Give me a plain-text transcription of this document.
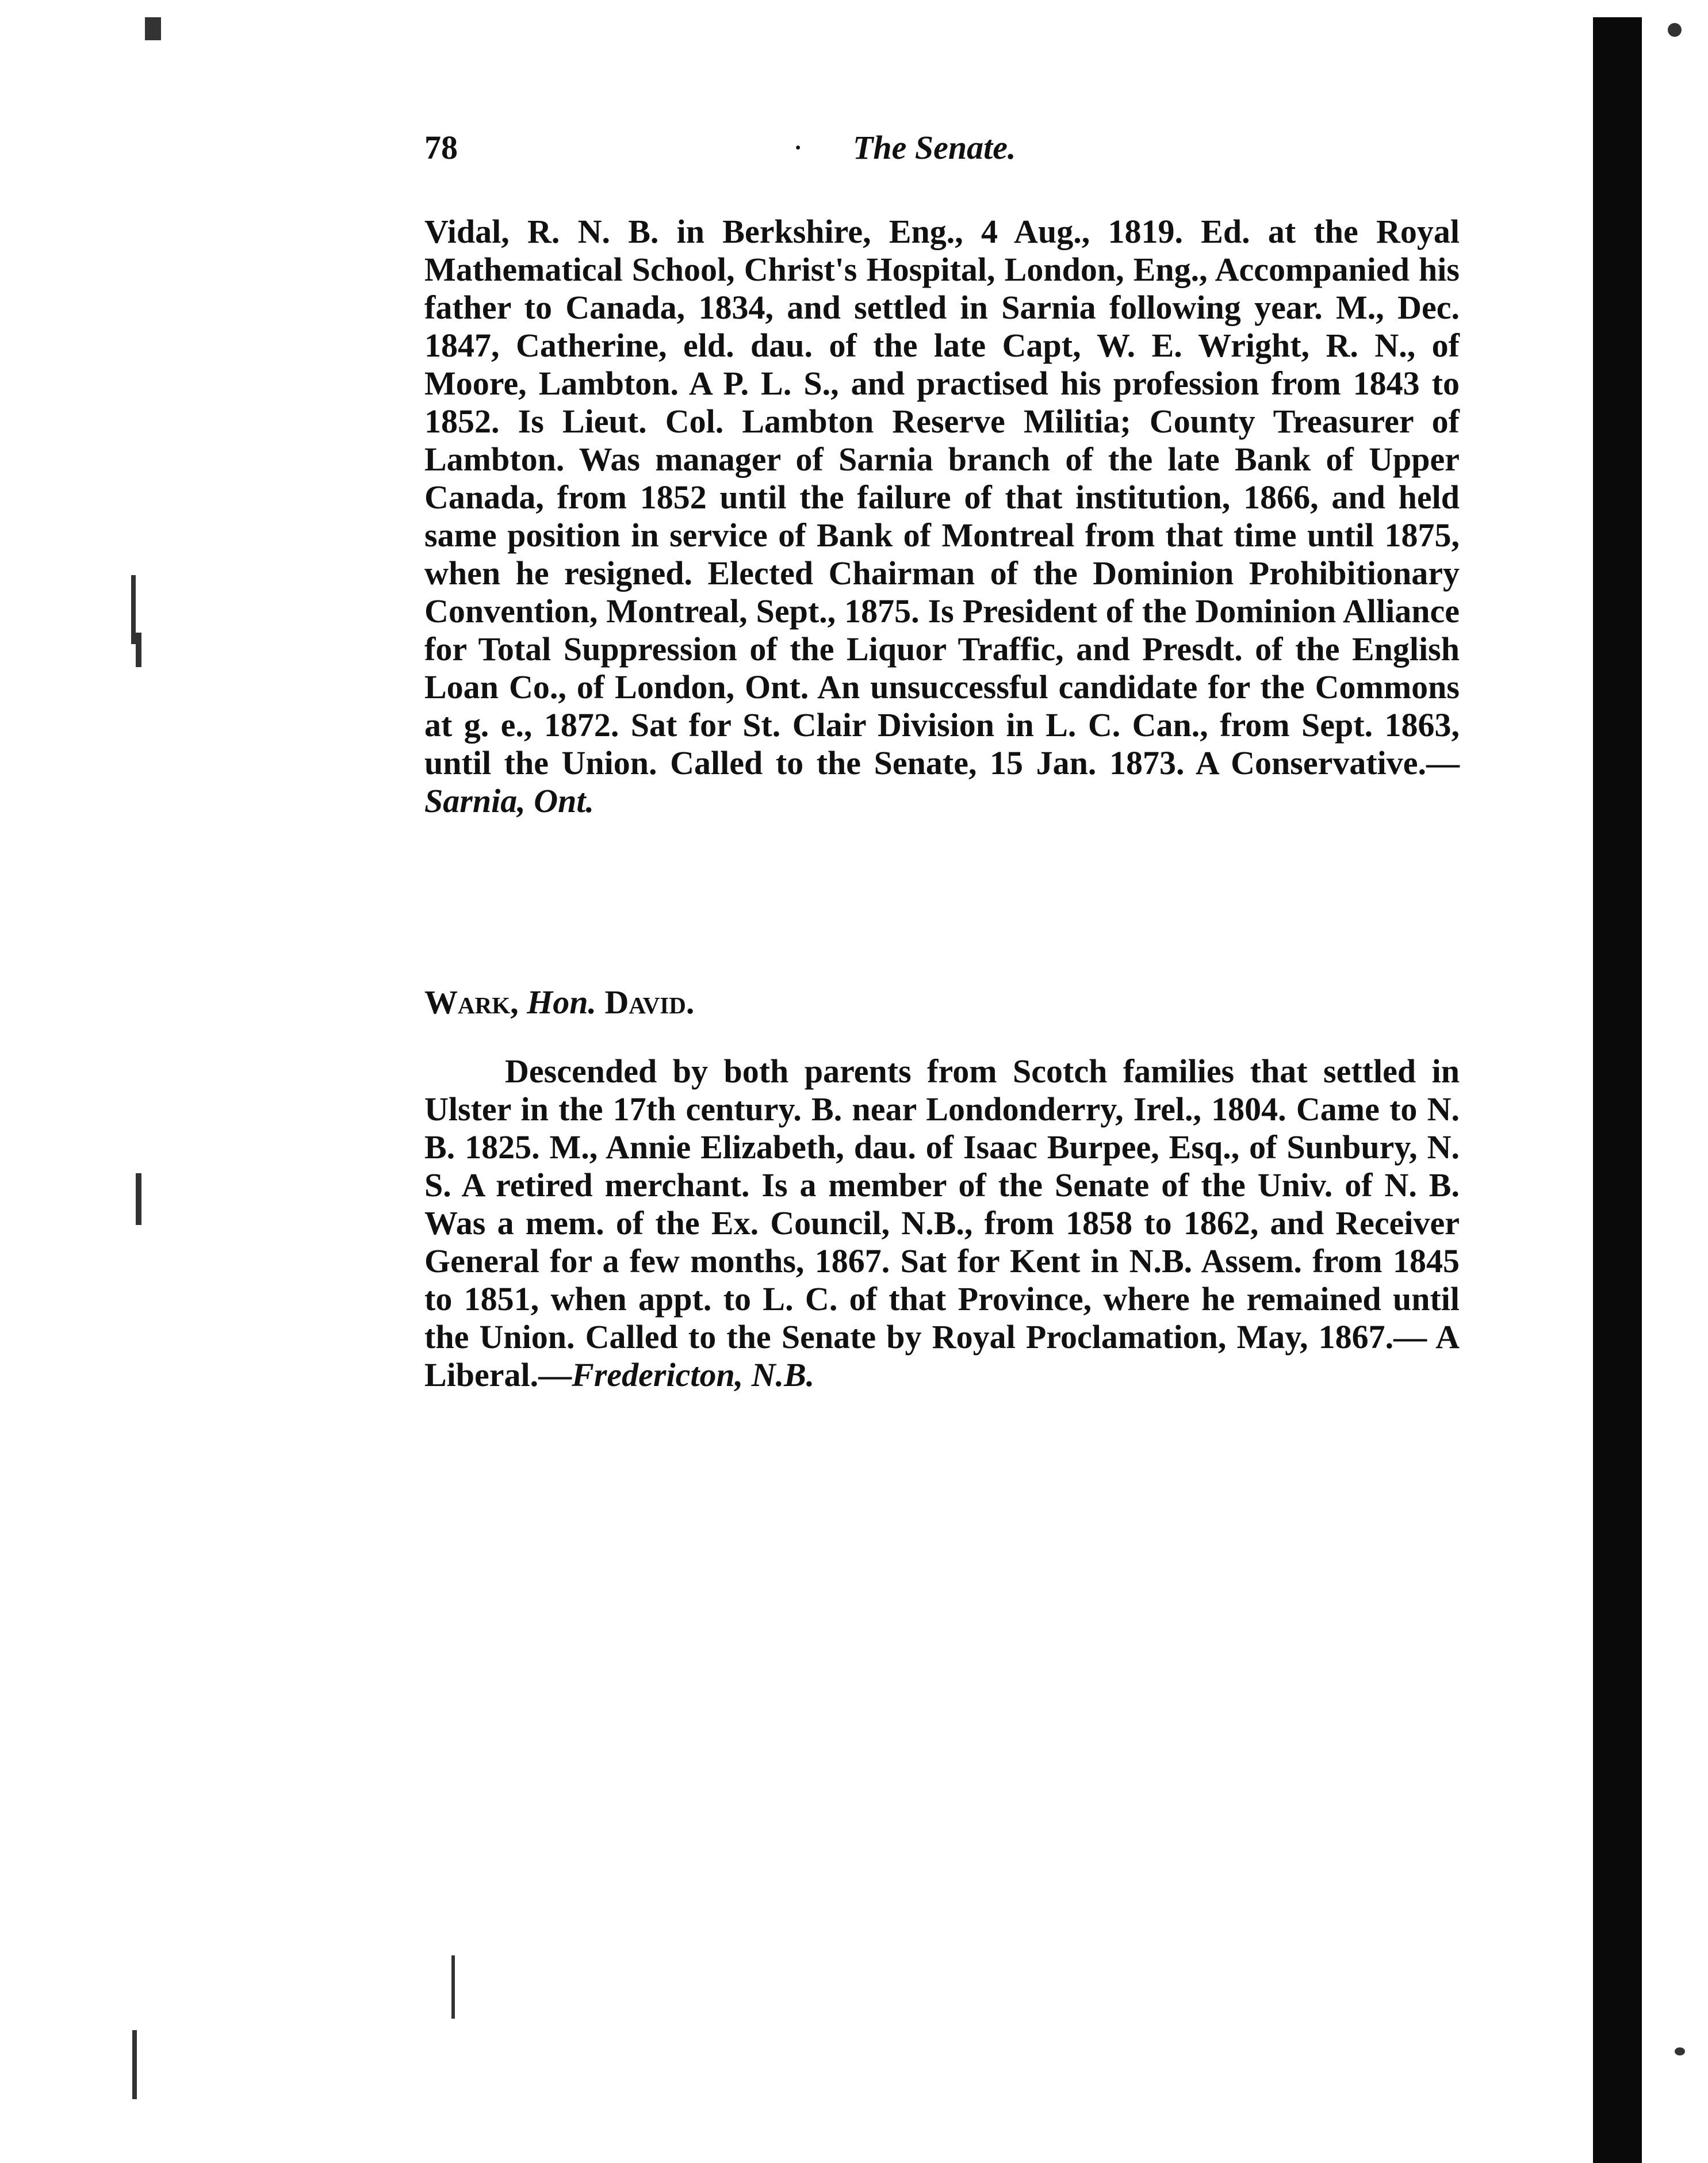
78	· The Senate.

Vidal, R. N. B. in Berkshire, Eng., 4 Aug., 1819. Ed. at the Royal Mathematical School, Christ's Hospital, London, Eng., Accompanied his father to Canada, 1834, and settled in Sarnia following year. M., Dec. 1847, Catherine, eld. dau. of the late Capt, W. E. Wright, R. N., of Moore, Lambton. A P. L. S., and practised his profession from 1843 to 1852. Is Lieut. Col. Lambton Reserve Militia; County Treasurer of Lambton. Was manager of Sarnia branch of the late Bank of Upper Canada, from 1852 until the failure of that institution, 1866, and held same position in service of Bank of Montreal from that time until 1875, when he resigned. Elected Chairman of the Dominion Prohibitionary Convention, Montreal, Sept., 1875. Is President of the Dominion Alliance for Total Suppression of the Liquor Traffic, and Presdt. of the English Loan Co., of London, Ont. An unsuccessful candidate for the Commons at g. e., 1872. Sat for St. Clair Division in L. C. Can., from Sept. 1863, until the Union. Called to the Senate, 15 Jan. 1873. A Conservative.—Sarnia, Ont.

Wark, Hon. David.

Descended by both parents from Scotch families that settled in Ulster in the 17th century. B. near Londonderry, Irel., 1804. Came to N. B. 1825. M., Annie Elizabeth, dau. of Isaac Burpee, Esq., of Sunbury, N. S. A retired merchant. Is a member of the Senate of the Univ. of N. B. Was a mem. of the Ex. Council, N.B., from 1858 to 1862, and Receiver General for a few months, 1867. Sat for Kent in N.B. Assem. from 1845 to 1851, when appt. to L. C. of that Province, where he remained until the Union. Called to the Senate by Royal Proclamation, May, 1867.— A Liberal.—Fredericton, N.B.
